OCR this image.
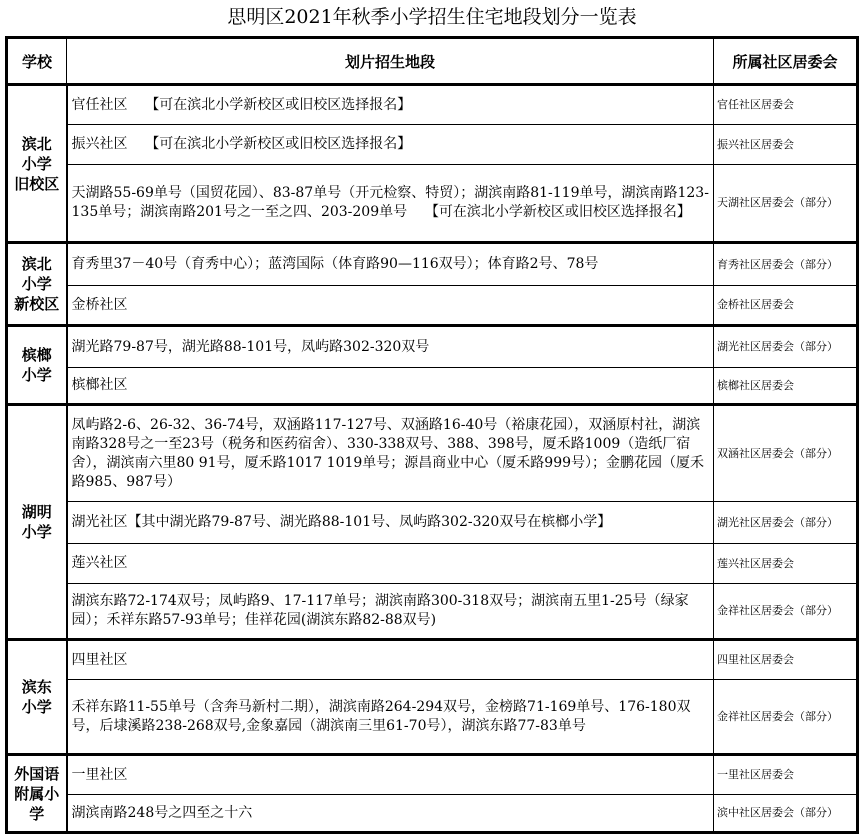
思明区2021年秋季小学招生住宅地段划分一览表
学校	划片招生地段	所属社区居委会
滨北
小学
旧校区	官任社区    【可在滨北小学新校区或旧校区选择报名】	官任社区居委会
	振兴社区    【可在滨北小学新校区或旧校区选择报名】	振兴社区居委会
	天湖路55-69单号（国贸花园）、83-87单号（开元检察、特贸）；湖滨南路81-119单号，湖滨南路123-135单号；湖滨南路201号之一至之四、203-209单号    【可在滨北小学新校区或旧校区选择报名】	天湖社区居委会（部分）
滨北
小学
新校区	育秀里37－40号（育秀中心）；蓝湾国际（体育路90—116双号）；体育路2号、78号	育秀社区居委会（部分）
	金桥社区	金桥社区居委会
槟榔
小学	湖光路79-87号，湖光路88-101号，凤屿路302-320双号	湖光社区居委会（部分）
	槟榔社区	槟榔社区居委会
湖明
小学	凤屿路2-6、26-32、36-74号，双涵路117-127号、双涵路16-40号（裕康花园），双涵原村社，湖滨南路328号之一至23号（税务和医药宿舍）、330-338双号、388、398号，厦禾路1009（造纸厂宿舍），湖滨南六里80 91号，厦禾路1017 1019单号；源昌商业中心（厦禾路999号）；金鹏花园（厦禾路985、987号）	双涵社区居委会（部分）
	湖光社区【其中湖光路79-87号、湖光路88-101号、凤屿路302-320双号在槟榔小学】	湖光社区居委会（部分）
	莲兴社区	莲兴社区居委会
	湖滨东路72-174双号；凤屿路9、17-117单号；湖滨南路300-318双号；湖滨南五里1-25号（绿家园）；禾祥东路57-93单号；佳祥花园(湖滨东路82-88双号)	金祥社区居委会（部分）
滨东
小学	四里社区	四里社区居委会
	禾祥东路11-55单号（含奔马新村二期），湖滨南路264-294双号，金榜路71-169单号、176-180双号，后埭溪路238-268双号,金象嘉园（湖滨南三里61-70号），湖滨东路77-83单号	金祥社区居委会（部分）
外国语
附属小
学	一里社区	一里社区居委会
	湖滨南路248号之四至之十六	滨中社区居委会（部分）
